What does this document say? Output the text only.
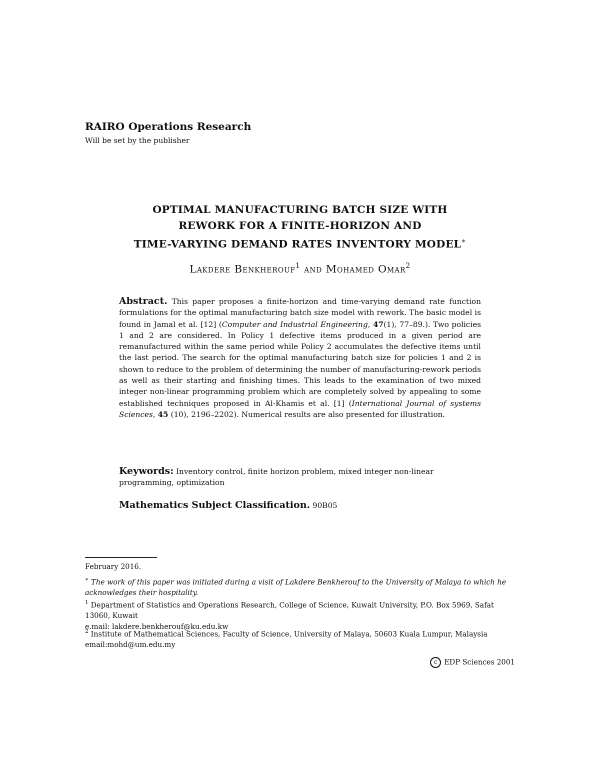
RAIRO Operations Research
Will be set by the publisher
OPTIMAL MANUFACTURING BATCH SIZE WITH
REWORK FOR A FINITE-HORIZON AND
TIME-VARYING DEMAND RATES INVENTORY MODEL∗
Lakdere Benkherouf$^1$ and Mohamed Omar$^2$
Abstract. This paper proposes a finite-horizon and time-varying demand rate function formulations for the optimal manufacturing batch size model with rework. The basic model is found in Jamal et al. [12] (Computer and Industrial Engineering, 47(1), 77–89.). Two policies 1 and 2 are considered. In Policy 1 defective items produced in a given period are remanufactured within the same period while Policy 2 accumulates the defective items until the last period. The search for the optimal manufacturing batch size for policies 1 and 2 is shown to reduce to the problem of determining the number of manufacturing-rework periods as well as their starting and finishing times. This leads to the examination of two mixed integer non-linear programming problem which are completely solved by appealing to some established techniques proposed in Al-Khamis et al. [1] (International Journal of systems Sciences, 45 (10), 2196–2202). Numerical results are also presented for illustration.
Keywords: Inventory control, finite horizon problem, mixed integer non-linear programming, optimization
Mathematics Subject Classification. 90B05
February 2016.
∗ The work of this paper was initiated during a visit of Lakdere Benkherouf to the University of Malaya to which he acknowledges their hospitality.
$^1$ Department of Statistics and Operations Research, College of Science, Kuwait University, P.O. Box 5969, Safat 13060, Kuwait
e.mail: lakdere.benkherouf@ku.edu.kw
$^2$ Institute of Mathematical Sciences, Faculty of Science, University of Malaya, 50603 Kuala Lumpur, Malaysia
email:mohd@um.edu.my
c EDP Sciences 2001
